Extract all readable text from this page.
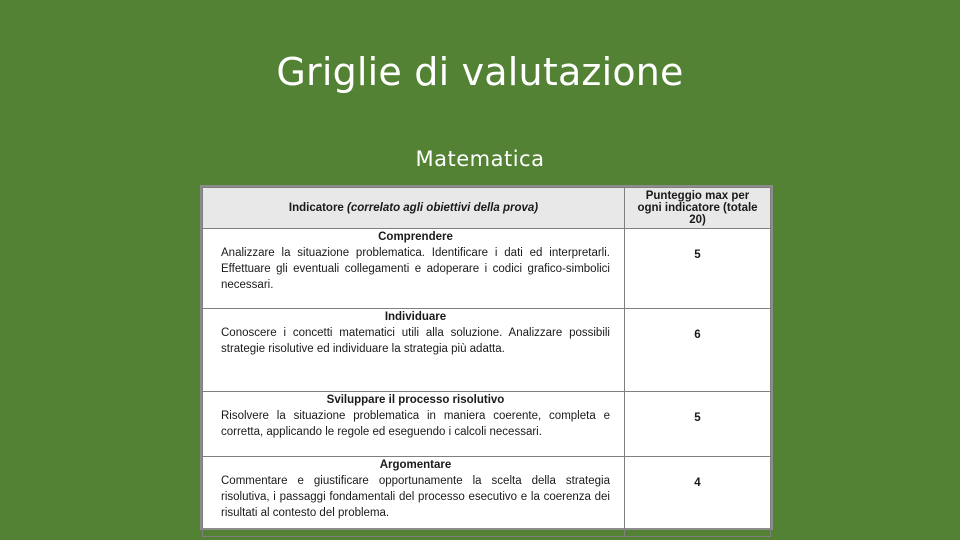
Griglie di valutazione
Matematica
Indicatore (correlato agli obiettivi della prova)	Punteggio max per ogni indicatore (totale 20)

Comprendere
Analizzare la situazione problematica. Identificare i dati ed interpretarli. Effettuare gli eventuali collegamenti e adoperare i codici grafico-simbolici necessari.	5

Individuare
Conoscere i concetti matematici utili alla soluzione. Analizzare possibili strategie risolutive ed individuare la strategia più adatta.	6

Sviluppare il processo risolutivo
Risolvere la situazione problematica in maniera coerente, completa e corretta, applicando le regole ed eseguendo i calcoli necessari.	5

Argomentare
Commentare e giustificare opportunamente la scelta della strategia risolutiva, i passaggi fondamentali del processo esecutivo e la coerenza dei risultati al contesto del problema.	4
